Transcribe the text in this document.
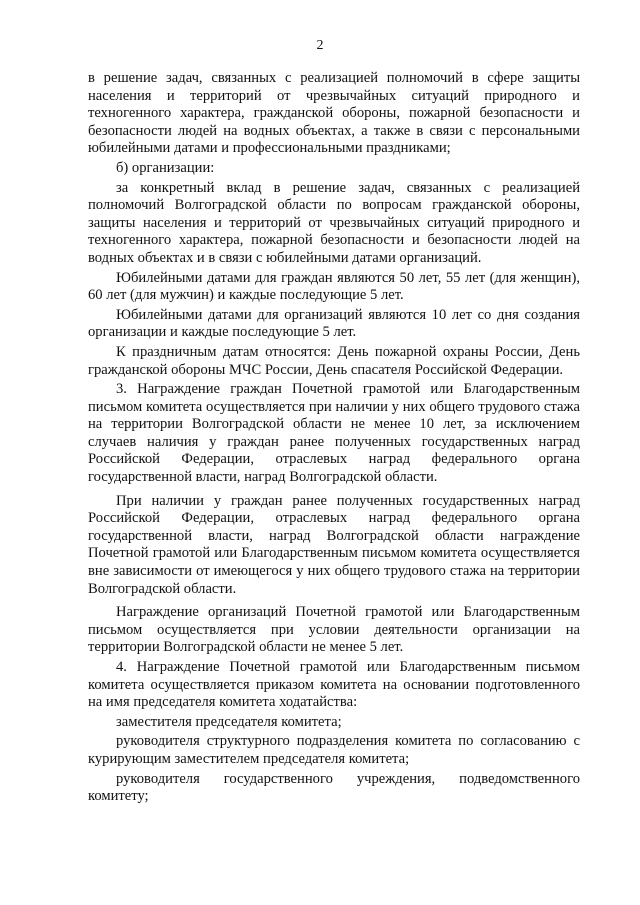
2

в решение задач, связанных с реализацией полномочий в сфере защиты населения и территорий от чрезвычайных ситуаций природного и техногенного характера, гражданской обороны, пожарной безопасности и безопасности людей на водных объектах, а также в связи с персональными юбилейными датами и профессиональными праздниками;

б) организации:

за конкретный вклад в решение задач, связанных с реализацией полномочий Волгоградской области по вопросам гражданской обороны, защиты населения и территорий от чрезвычайных ситуаций природного и техногенного характера, пожарной безопасности и безопасности людей на водных объектах и в связи с юбилейными датами организаций.

Юбилейными датами для граждан являются 50 лет, 55 лет (для женщин), 60 лет (для мужчин) и каждые последующие 5 лет.

Юбилейными датами для организаций являются 10 лет со дня создания организации и каждые последующие 5 лет.

К праздничным датам относятся: День пожарной охраны России, День гражданской обороны МЧС России, День спасателя Российской Федерации.

3. Награждение граждан Почетной грамотой или Благодарственным письмом комитета осуществляется при наличии у них общего трудового стажа на территории Волгоградской области не менее 10 лет, за исключением случаев наличия у граждан ранее полученных государственных наград Российской Федерации, отраслевых наград федерального органа государственной власти, наград Волгоградской области.

При наличии у граждан ранее полученных государственных наград Российской Федерации, отраслевых наград федерального органа государственной власти, наград Волгоградской области награждение Почетной грамотой или Благодарственным письмом комитета осуществляется вне зависимости от имеющегося у них общего трудового стажа на территории Волгоградской области.

Награждение организаций Почетной грамотой или Благодарственным письмом осуществляется при условии деятельности организации на территории Волгоградской области не менее 5 лет.

4. Награждение Почетной грамотой или Благодарственным письмом комитета осуществляется приказом комитета на основании подготовленного на имя председателя комитета ходатайства:

заместителя председателя комитета;

руководителя структурного подразделения комитета по согласованию с курирующим заместителем председателя комитета;

руководителя государственного учреждения, подведомственного комитету;
